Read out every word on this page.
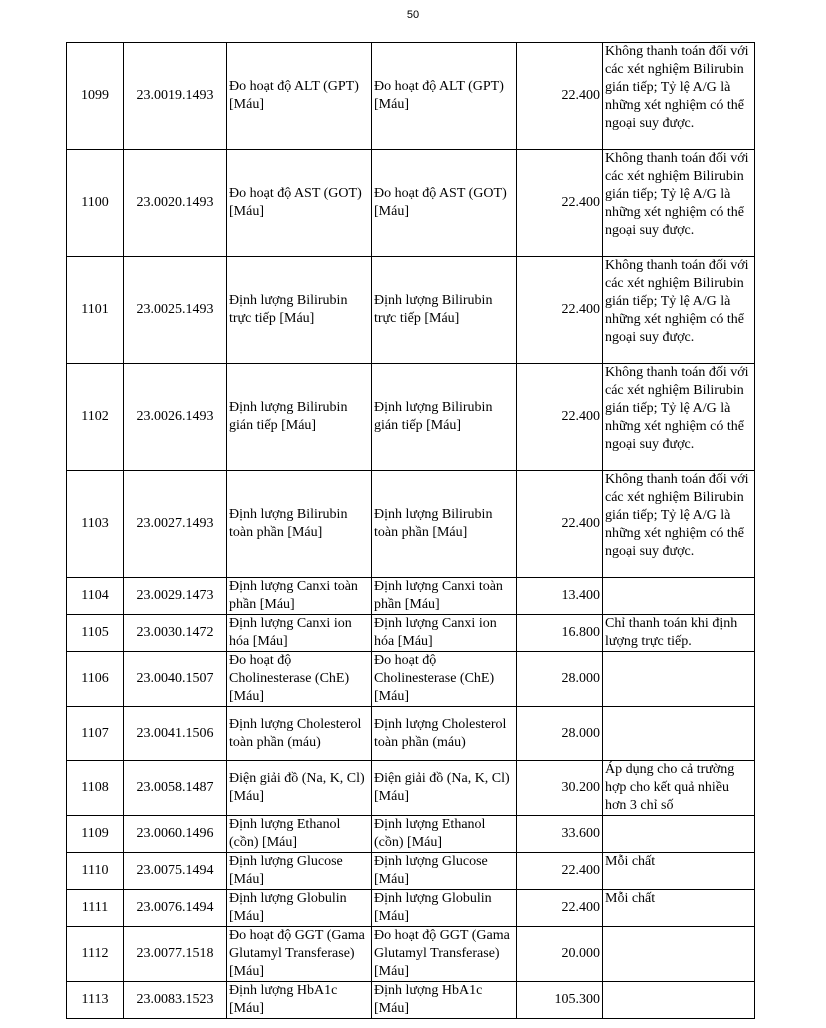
50
1099	23.0019.1493	Đo hoạt độ ALT (GPT) [Máu]	Đo hoạt độ ALT (GPT) [Máu]	22.400	Không thanh toán đối với các xét nghiệm Bilirubin gián tiếp; Tỷ lệ A/G là những xét nghiệm có thể ngoại suy được.

1100	23.0020.1493	Đo hoạt độ AST (GOT) [Máu]	Đo hoạt độ AST (GOT) [Máu]	22.400	Không thanh toán đối với các xét nghiệm Bilirubin gián tiếp; Tỷ lệ A/G là những xét nghiệm có thể ngoại suy được.

1101	23.0025.1493	Định lượng Bilirubin trực tiếp [Máu]	Định lượng Bilirubin trực tiếp [Máu]	22.400	Không thanh toán đối với các xét nghiệm Bilirubin gián tiếp; Tỷ lệ A/G là những xét nghiệm có thể ngoại suy được.

1102	23.0026.1493	Định lượng Bilirubin gián tiếp [Máu]	Định lượng Bilirubin gián tiếp [Máu]	22.400	Không thanh toán đối với các xét nghiệm Bilirubin gián tiếp; Tỷ lệ A/G là những xét nghiệm có thể ngoại suy được.

1103	23.0027.1493	Định lượng Bilirubin toàn phần [Máu]	Định lượng Bilirubin toàn phần [Máu]	22.400	Không thanh toán đối với các xét nghiệm Bilirubin gián tiếp; Tỷ lệ A/G là những xét nghiệm có thể ngoại suy được.

1104	23.0029.1473	Định lượng Canxi toàn phần [Máu]	Định lượng Canxi toàn phần [Máu]	13.400	

1105	23.0030.1472	Định lượng Canxi ion hóa [Máu]	Định lượng Canxi ion hóa [Máu]	16.800	Chỉ thanh toán khi định lượng trực tiếp.

1106	23.0040.1507	Đo hoạt độ Cholinesterase (ChE) [Máu]	Đo hoạt độ Cholinesterase (ChE) [Máu]	28.000	

1107	23.0041.1506	Định lượng Cholesterol toàn phần (máu)	Định lượng Cholesterol toàn phần (máu)	28.000	

1108	23.0058.1487	Điện giải đồ (Na, K, Cl) [Máu]	Điện giải đồ (Na, K, Cl) [Máu]	30.200	Áp dụng cho cả trường hợp cho kết quả nhiều hơn 3 chỉ số

1109	23.0060.1496	Định lượng Ethanol (cồn) [Máu]	Định lượng Ethanol (cồn) [Máu]	33.600	

1110	23.0075.1494	Định lượng Glucose [Máu]	Định lượng Glucose [Máu]	22.400	Mỗi chất

1111	23.0076.1494	Định lượng Globulin [Máu]	Định lượng Globulin [Máu]	22.400	Mỗi chất

1112	23.0077.1518	Đo hoạt độ GGT (Gama Glutamyl Transferase) [Máu]	Đo hoạt độ GGT (Gama Glutamyl Transferase) [Máu]	20.000	

1113	23.0083.1523	Định lượng HbA1c [Máu]	Định lượng HbA1c [Máu]	105.300	
